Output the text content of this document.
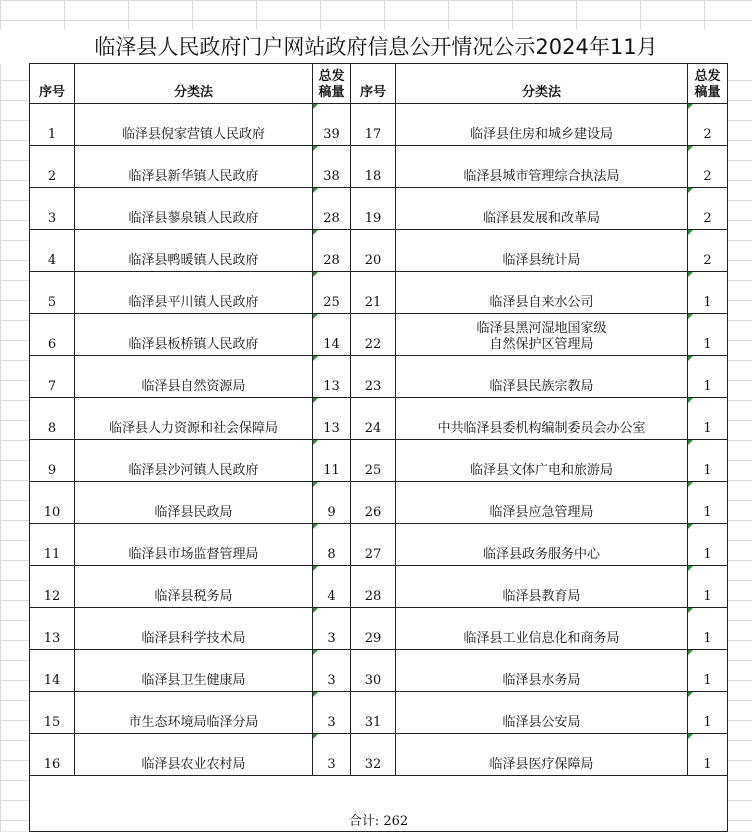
临泽县人民政府门户网站政府信息公开情况公示2024年11月
序号	分类法	总发
稿量	序号	分类法	总发
稿量

1	临泽县倪家营镇人民政府	39	17	临泽县住房和城乡建设局	2
2	临泽县新华镇人民政府	38	18	临泽县城市管理综合执法局	2
3	临泽县蓼泉镇人民政府	28	19	临泽县发展和改革局	2
4	临泽县鸭暖镇人民政府	28	20	临泽县统计局	2
5	临泽县平川镇人民政府	25	21	临泽县自来水公司	1
6	临泽县板桥镇人民政府	14	22	临泽县黑河湿地国家级
自然保护区管理局	1
7	临泽县自然资源局	13	23	临泽县民族宗教局	1
8	临泽县人力资源和社会保障局	13	24	中共临泽县委机构编制委员会办公室	1
9	临泽县沙河镇人民政府	11	25	临泽县文体广电和旅游局	1
10	临泽县民政局	9	26	临泽县应急管理局	1
11	临泽县市场监督管理局	8	27	临泽县政务服务中心	1
12	临泽县税务局	4	28	临泽县教育局	1
13	临泽县科学技术局	3	29	临泽县工业信息化和商务局	1
14	临泽县卫生健康局	3	30	临泽县水务局	1
15	市生态环境局临泽分局	3	31	临泽县公安局	1
16	临泽县农业农村局	3	32	临泽县医疗保障局	1
合计: 262					
